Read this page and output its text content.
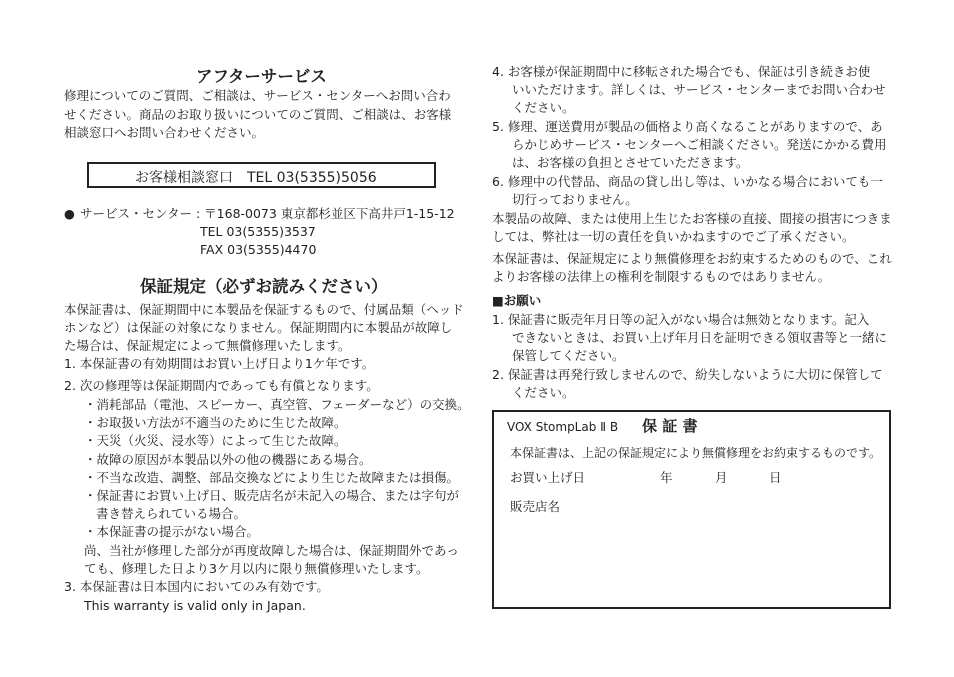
アフターサービス
修理についてのご質問、ご相談は、サービス・センターへお問い合わ
せください。商品のお取り扱いについてのご質問、ご相談は、お客様
相談窓口へお問い合わせください。
お客様相談窓口　TEL 03(5355)5056
● サービス・センター : 〒168-0073 東京都杉並区下高井戸1-15-12
TEL 03(5355)3537
FAX 03(5355)4470
保証規定（必ずお読みください）
本保証書は、保証期間中に本製品を保証するもので、付属品類（ヘッド
ホンなど）は保証の対象になりません。保証期間内に本製品が故障し
た場合は、保証規定によって無償修理いたします。
1. 本保証書の有効期間はお買い上げ日より1ケ年です。
2. 次の修理等は保証期間内であっても有償となります。
・消耗部品（電池、スピーカー、真空管、フェーダーなど）の交換。
・お取扱い方法が不適当のために生じた故障。
・天災（火災、浸水等）によって生じた故障。
・故障の原因が本製品以外の他の機器にある場合。
・不当な改造、調整、部品交換などにより生じた故障または損傷。
・保証書にお買い上げ日、販売店名が未記入の場合、または字句が
書き替えられている場合。
・本保証書の提示がない場合。
尚、当社が修理した部分が再度故障した場合は、保証期間外であっ
ても、修理した日より3ケ月以内に限り無償修理いたします。
3. 本保証書は日本国内においてのみ有効です。
This warranty is valid only in Japan.
4. お客様が保証期間中に移転された場合でも、保証は引き続きお使
いいただけます。詳しくは、サービス・センターまでお問い合わせ
ください。
5. 修理、運送費用が製品の価格より高くなることがありますので、あ
らかじめサービス・センターへご相談ください。発送にかかる費用
は、お客様の負担とさせていただきます。
6. 修理中の代替品、商品の貸し出し等は、いかなる場合においても一
切行っておりません。
本製品の故障、または使用上生じたお客様の直接、間接の損害につきま
しては、弊社は一切の責任を負いかねますのでご了承ください。
本保証書は、保証規定により無償修理をお約束するためのもので、これ
よりお客様の法律上の権利を制限するものではありません。
■お願い
1. 保証書に販売年月日等の記入がない場合は無効となります。記入
できないときは、お買い上げ年月日を証明できる領収書等と一緒に
保管してください。
2. 保証書は再発行致しませんので、紛失しないように大切に保管して
ください。
VOX StompLab Ⅱ B 保 証 書
本保証書は、上記の保証規定により無償修理をお約束するものです。
お買い上げ日	年	月	日
販売店名
